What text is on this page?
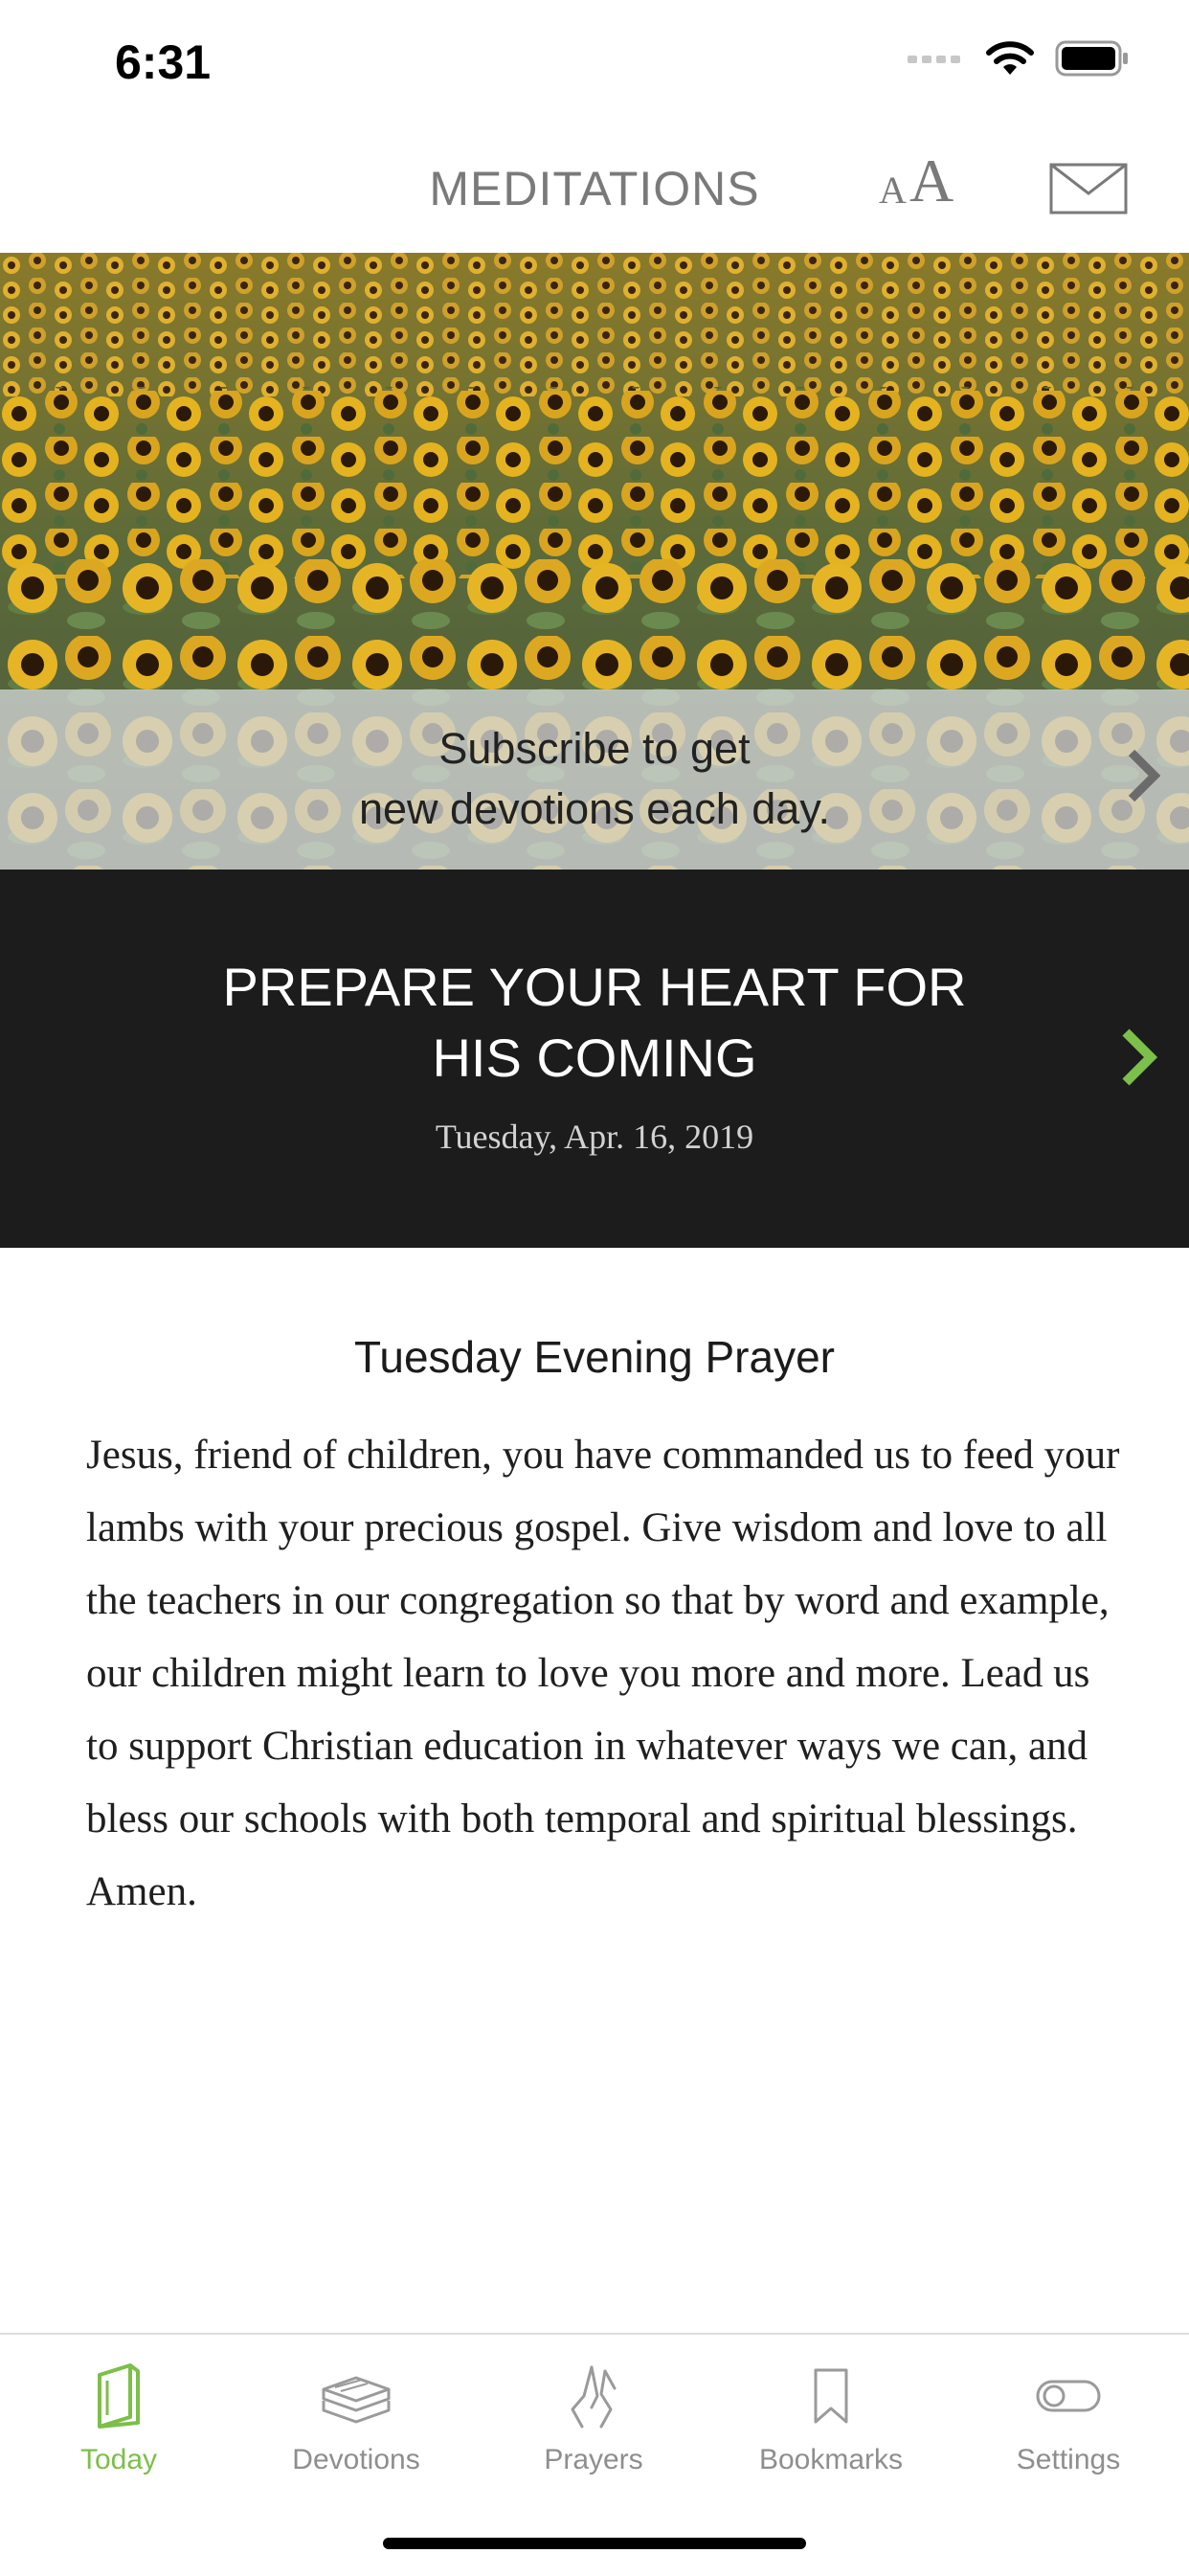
6:31
MEDITATIONS	A A
Subscribe to get
new devotions each day.
PREPARE YOUR HEART FOR
HIS COMING
Tuesday, Apr. 16, 2019
Tuesday Evening Prayer

Jesus, friend of children, you have commanded us to feed your lambs with your precious gospel. Give wisdom and love to all the teachers in our congregation so that by word and example, our children might learn to love you more and more. Lead us to support Christian education in whatever ways we can, and bless our schools with both temporal and spiritual blessings. Amen.

Today	Devotions	Prayers	Bookmarks	Settings
